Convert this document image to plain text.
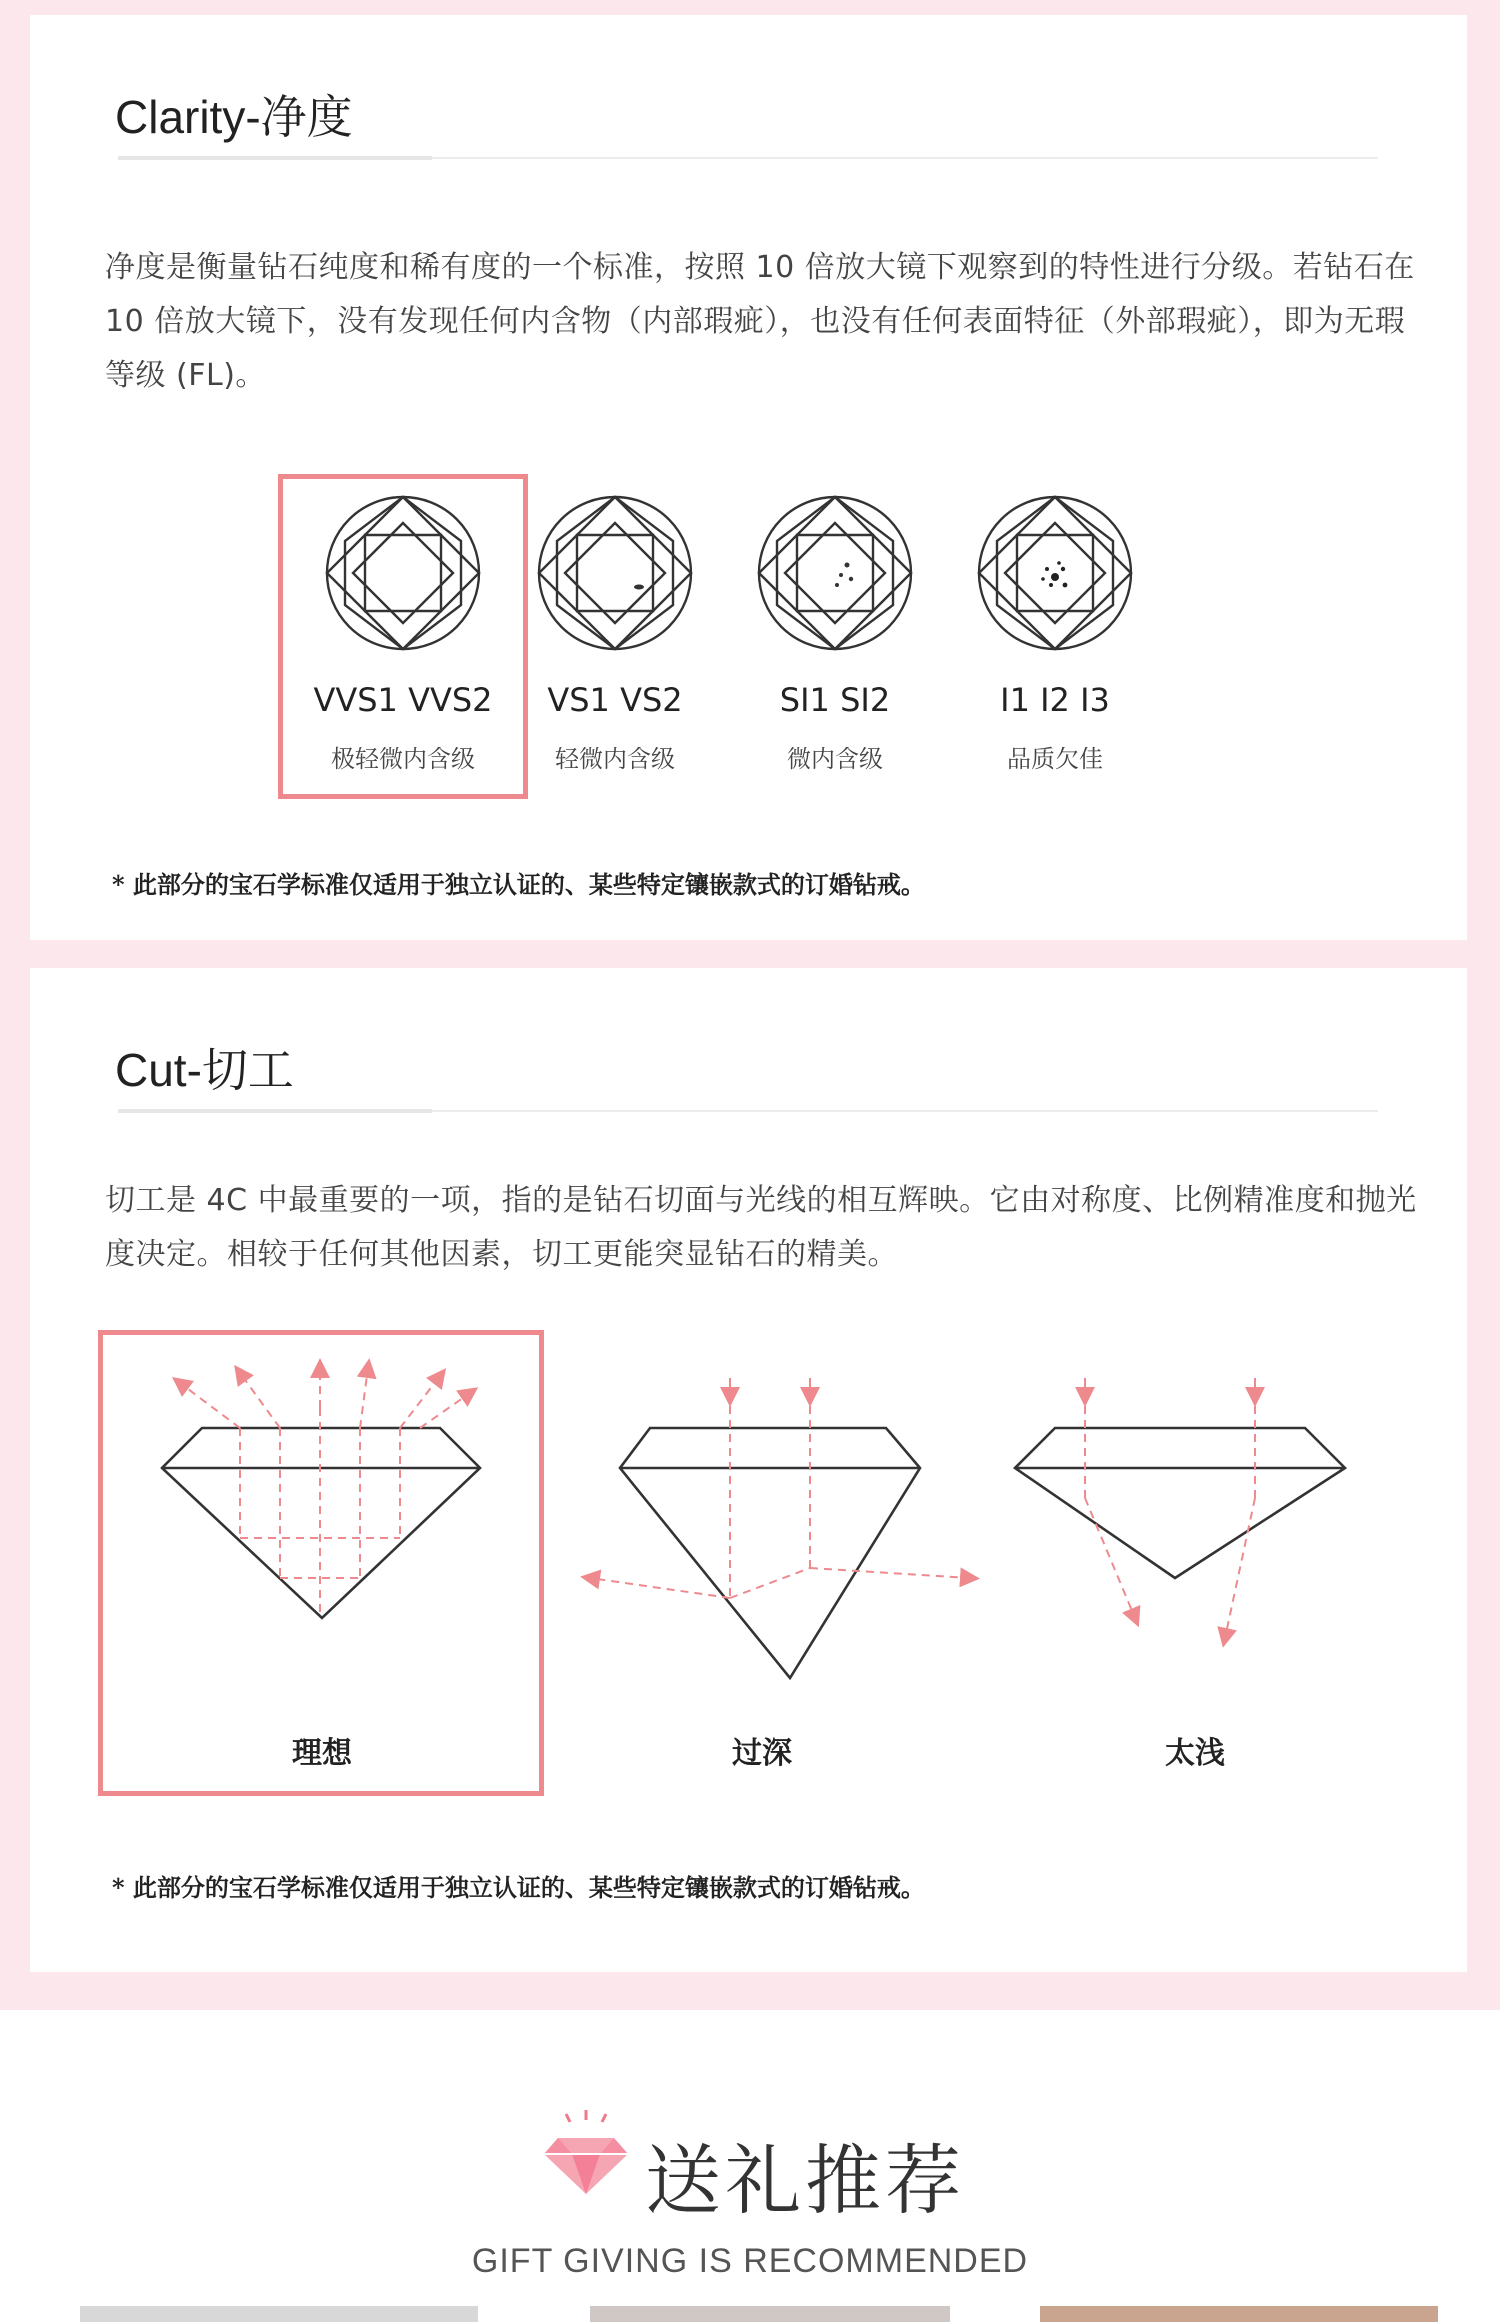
Clarity-净度
净度是衡量钻石纯度和稀有度的一个标准，按照 10 倍放大镜下观察到的特性进行分级。若钻石在 10 倍放大镜下，没有发现任何内含物（内部瑕疵），也没有任何表面特征（外部瑕疵），即为无瑕等级 (FL)。
VVS1 VVS2
极轻微内含级
VS1 VS2
轻微内含级
SI1 SI2
微内含级
I1 I2 I3
品质欠佳
* 此部分的宝石学标准仅适用于独立认证的、某些特定镶嵌款式的订婚钻戒。
Cut-切工
切工是 4C 中最重要的一项，指的是钻石切面与光线的相互辉映。它由对称度、比例精准度和抛光度决定。相较于任何其他因素，切工更能突显钻石的精美。
理想	过深	太浅
* 此部分的宝石学标准仅适用于独立认证的、某些特定镶嵌款式的订婚钻戒。
送礼推荐
GIFT GIVING IS RECOMMENDED
